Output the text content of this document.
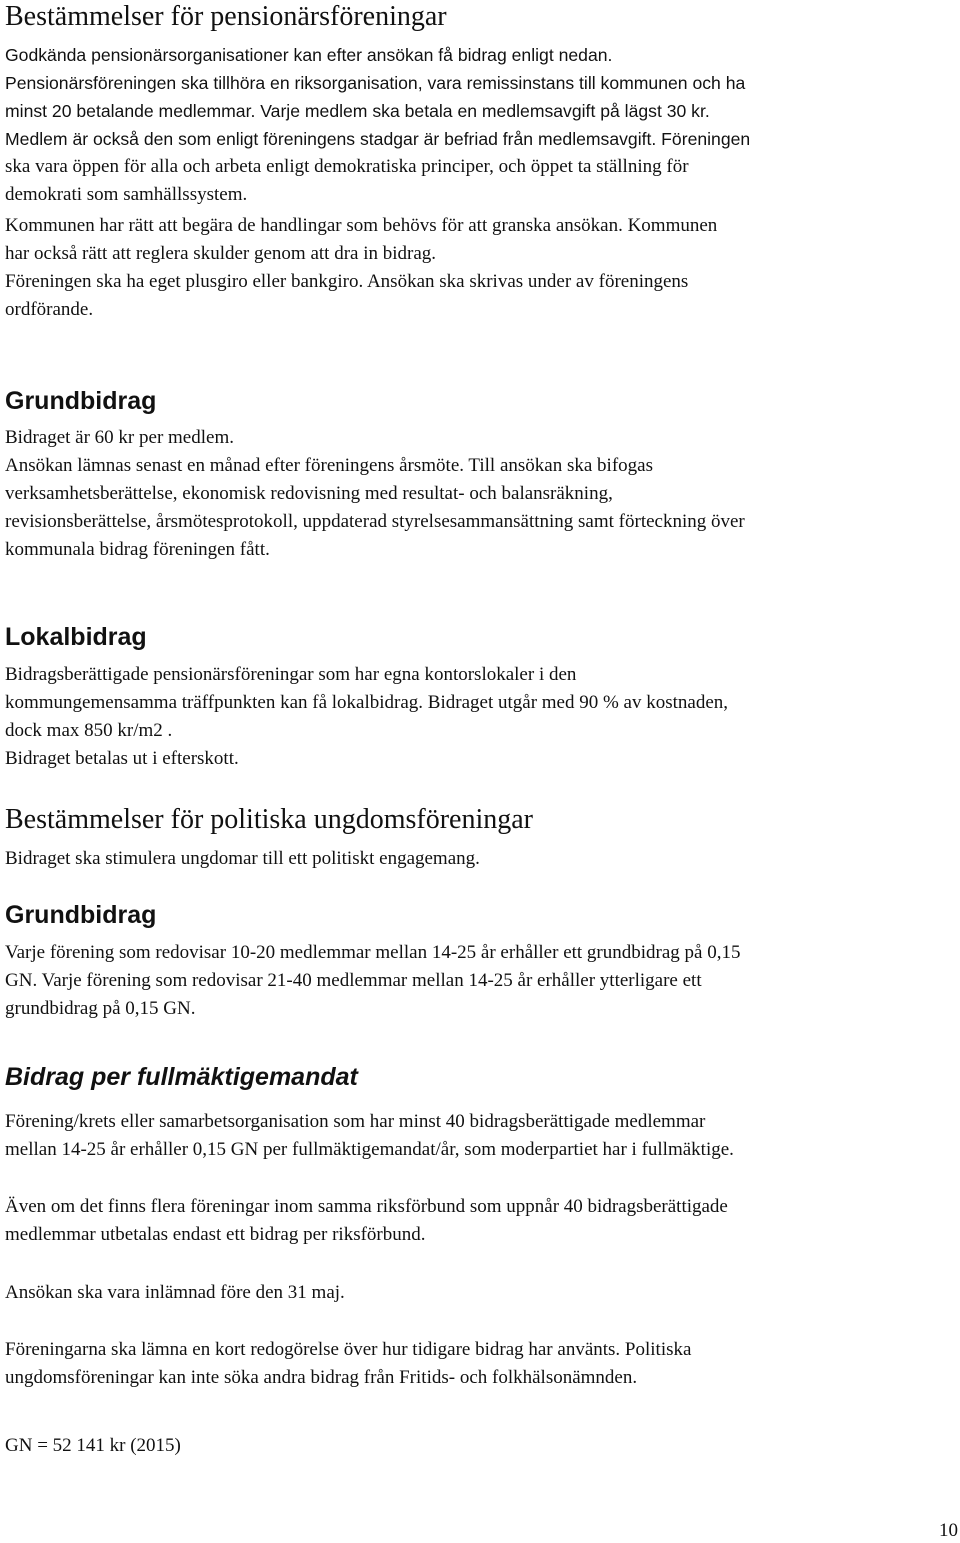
Bestämmelser för pensionärsföreningar
Godkända pensionärsorganisationer kan efter ansökan få bidrag enligt nedan.
Pensionärsföreningen ska tillhöra en riksorganisation, vara remissinstans till kommunen och ha
minst 20 betalande medlemmar. Varje medlem ska betala en medlemsavgift på lägst 30 kr.
Medlem är också den som enligt föreningens stadgar är befriad från medlemsavgift. Föreningen
ska vara öppen för alla och arbeta enligt demokratiska principer, och öppet ta ställning för
demokrati som samhällssystem.
Kommunen har rätt att begära de handlingar som behövs för att granska ansökan. Kommunen
har också rätt att reglera skulder genom att dra in bidrag.
Föreningen ska ha eget plusgiro eller bankgiro. Ansökan ska skrivas under av föreningens
ordförande.
Grundbidrag
Bidraget är 60 kr per medlem.
Ansökan lämnas senast en månad efter föreningens årsmöte. Till ansökan ska bifogas
verksamhetsberättelse, ekonomisk redovisning med resultat- och balansräkning,
revisionsberättelse, årsmötesprotokoll, uppdaterad styrelsesammansättning samt förteckning över
kommunala bidrag föreningen fått.
Lokalbidrag
Bidragsberättigade pensionärsföreningar som har egna kontorslokaler i den
kommungemensamma träffpunkten kan få lokalbidrag. Bidraget utgår med 90 % av kostnaden,
dock max 850 kr/m2 .
Bidraget betalas ut i efterskott.
Bestämmelser för politiska ungdomsföreningar
Bidraget ska stimulera ungdomar till ett politiskt engagemang.
Grundbidrag
Varje förening som redovisar 10-20 medlemmar mellan 14-25 år erhåller ett grundbidrag på 0,15
GN. Varje förening som redovisar 21-40 medlemmar mellan 14-25 år erhåller ytterligare ett
grundbidrag på 0,15 GN.
Bidrag per fullmäktigemandat
Förening/krets eller samarbetsorganisation som har minst 40 bidragsberättigade medlemmar
mellan 14-25 år erhåller 0,15 GN per fullmäktigemandat/år, som moderpartiet har i fullmäktige.
Även om det finns flera föreningar inom samma riksförbund som uppnår 40 bidragsberättigade
medlemmar utbetalas endast ett bidrag per riksförbund.
Ansökan ska vara inlämnad före den 31 maj.
Föreningarna ska lämna en kort redogörelse över hur tidigare bidrag har använts. Politiska
ungdomsföreningar kan inte söka andra bidrag från Fritids- och folkhälsonämnden.
GN = 52 141 kr (2015)
10
